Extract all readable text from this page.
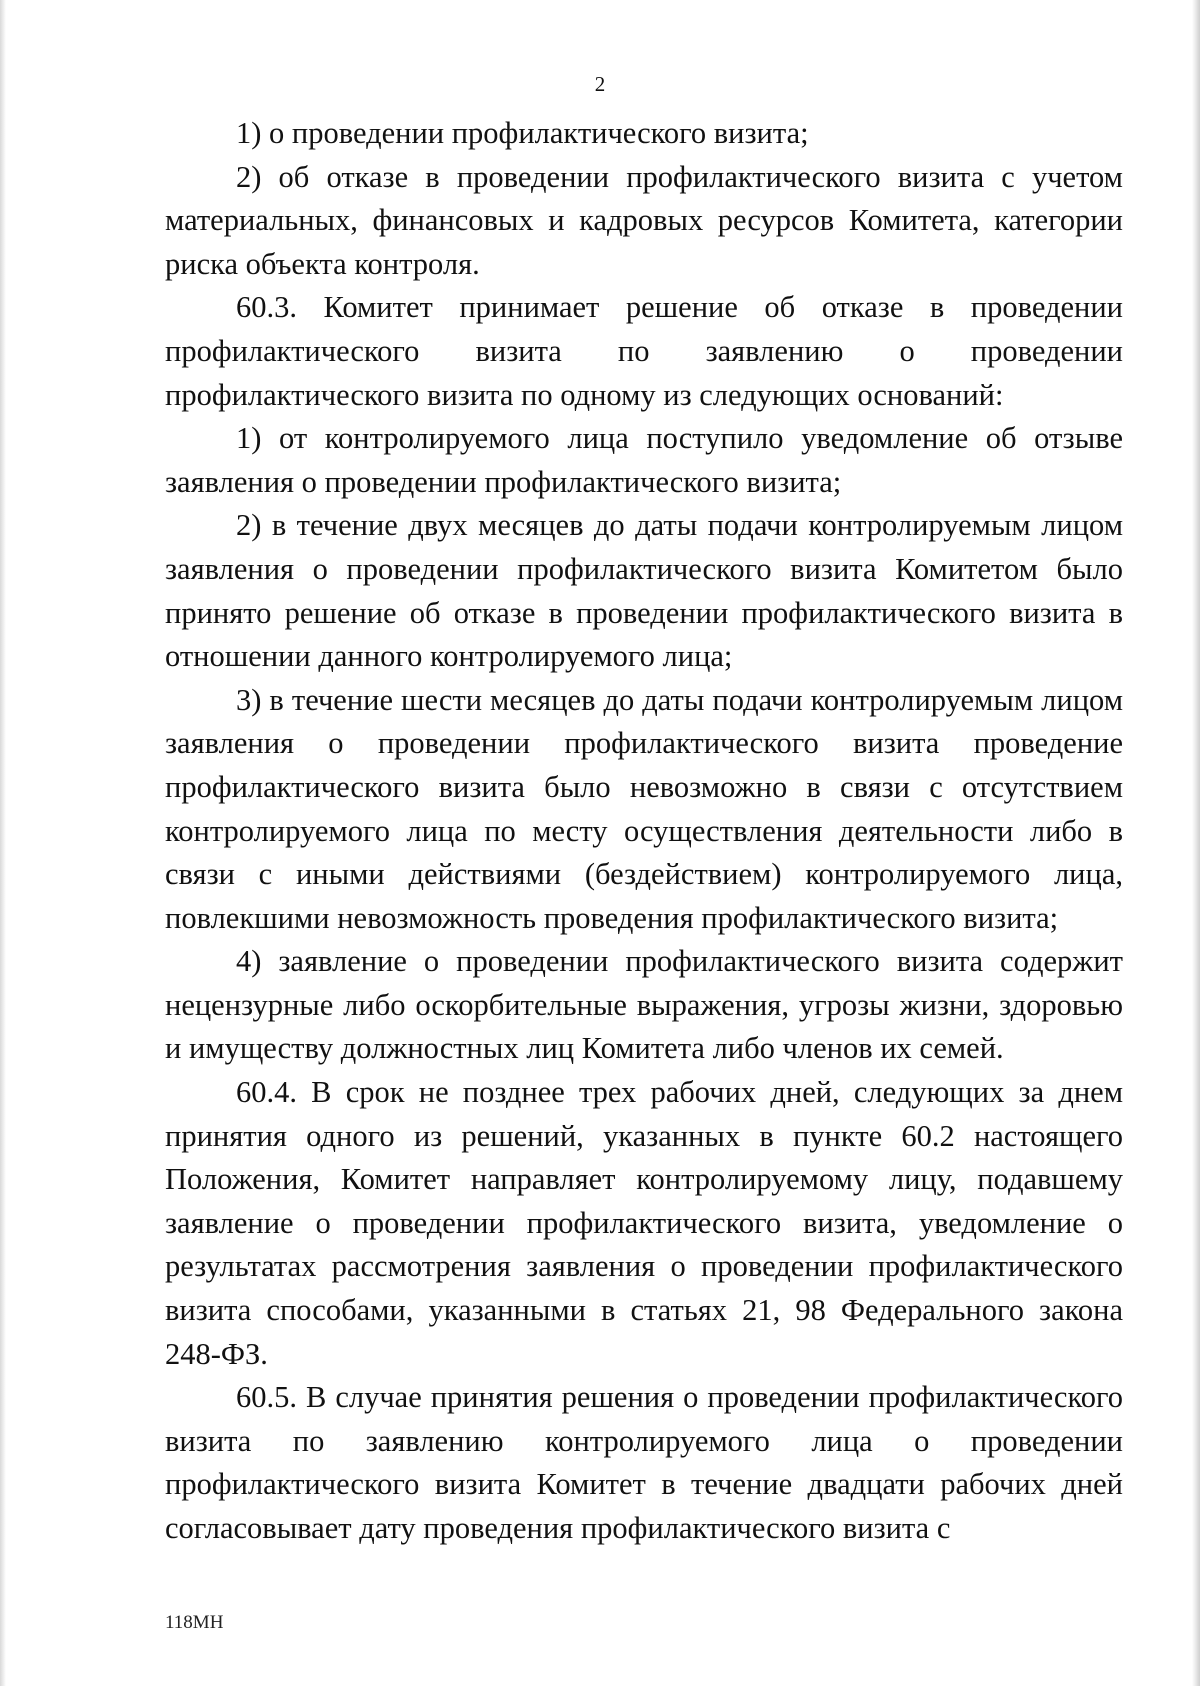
2

1) о проведении профилактического визита;

2) об отказе в проведении профилактического визита с учетом материальных, финансовых и кадровых ресурсов Комитета, категории риска объекта контроля.

60.3. Комитет принимает решение об отказе в проведении профилактического визита по заявлению о проведении профилактического визита по одному из следующих оснований:

1) от контролируемого лица поступило уведомление об отзыве заявления о проведении профилактического визита;

2) в течение двух месяцев до даты подачи контролируемым лицом заявления о проведении профилактического визита Комитетом было принято решение об отказе в проведении профилактического визита в отношении данного контролируемого лица;

3) в течение шести месяцев до даты подачи контролируемым лицом заявления о проведении профилактического визита проведение профилактического визита было невозможно в связи с отсутствием контролируемого лица по месту осуществления деятельности либо в связи с иными действиями (бездействием) контролируемого лица, повлекшими невозможность проведения профилактического визита;

4) заявление о проведении профилактического визита содержит нецензурные либо оскорбительные выражения, угрозы жизни, здоровью и имуществу должностных лиц Комитета либо членов их семей.

60.4. В срок не позднее трех рабочих дней, следующих за днем принятия одного из решений, указанных в пункте 60.2 настоящего Положения, Комитет направляет контролируемому лицу, подавшему заявление о проведении профилактического визита, уведомление о результатах рассмотрения заявления о проведении профилактического визита способами, указанными в статьях 21, 98 Федерального закона 248-ФЗ.

60.5. В случае принятия решения о проведении профилактического визита по заявлению контролируемого лица о проведении профилактического визита Комитет в течение двадцати рабочих дней согласовывает дату проведения профилактического визита с

118МН
